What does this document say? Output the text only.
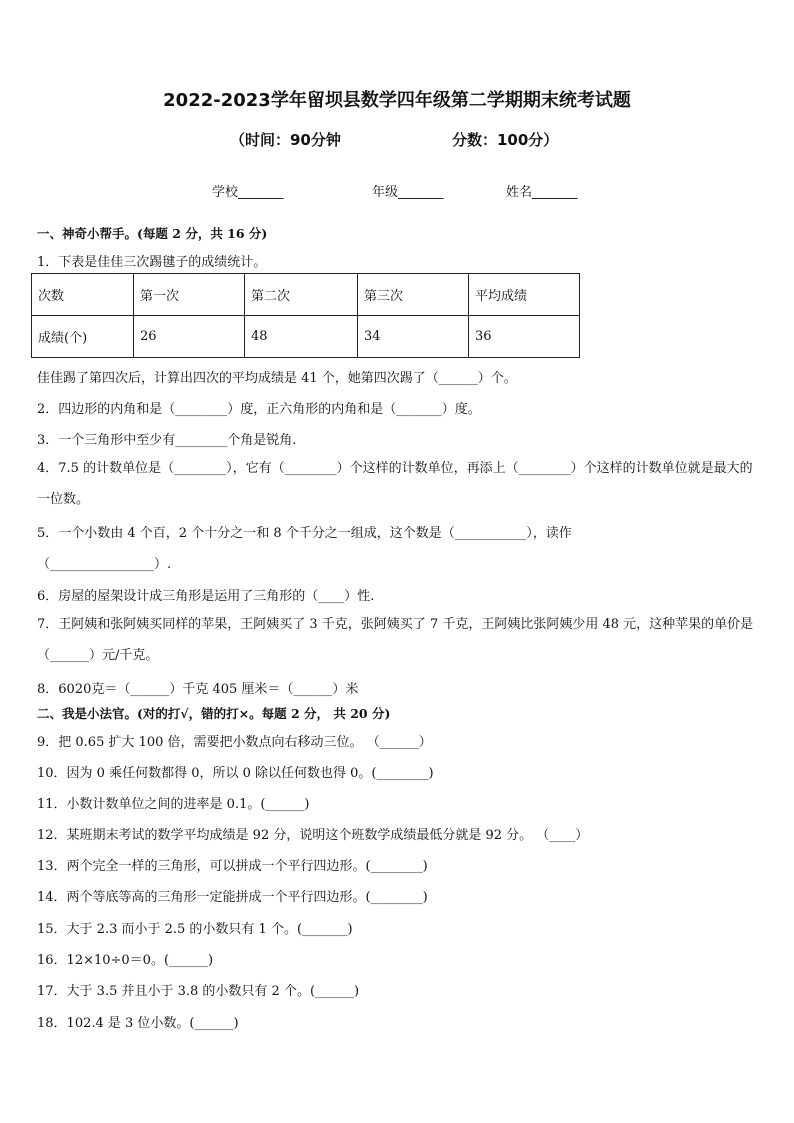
2022-2023学年留坝县数学四年级第二学期期末统考试题
（时间：90分钟	分数：100分）
学校_______	年级_______	姓名_______
一、神奇小帮手。(每题 2 分，共 16 分)
1．下表是佳佳三次踢毽子的成绩统计。
次数	第一次	第二次	第三次	平均成绩
成绩(个)	26	48	34	36
佳佳踢了第四次后，计算出四次的平均成绩是 41 个，她第四次踢了（______）个。
2．四边形的内角和是（________）度，正六角形的内角和是（_______）度。
3．一个三角形中至少有________个角是锐角.
4．7.5 的计数单位是（________），它有（________）个这样的计数单位，再添上（________）个这样的计数单位就是最大的一位数。
5．一个小数由 4 个百，2 个十分之一和 8 个千分之一组成，这个数是（___________），读作
（________________）.
6．房屋的屋架设计成三角形是运用了三角形的（____）性.
7．王阿姨和张阿姨买同样的苹果，王阿姨买了 3 千克，张阿姨买了 7 千克，王阿姨比张阿姨少用 48 元，这种苹果的单价是（______）元/千克。
8．6020克＝（______）千克 405 厘米＝（______）米
二、我是小法官。(对的打√，错的打×。每题 2 分， 共 20 分)
9．把 0.65 扩大 100 倍，需要把小数点向右移动三位。 （______）
10．因为 0 乘任何数都得 0，所以 0 除以任何数也得 0。(________)
11．小数计数单位之间的进率是 0.1。(______)
12．某班期末考试的数学平均成绩是 92 分，说明这个班数学成绩最低分就是 92 分。 （____）
13．两个完全一样的三角形，可以拼成一个平行四边形。(________)
14．两个等底等高的三角形一定能拼成一个平行四边形。(________)
15．大于 2.3 而小于 2.5 的小数只有 1 个。(_______)
16．12×10÷0＝0。(______)
17．大于 3.5 并且小于 3.8 的小数只有 2 个。(______)
18．102.4 是 3 位小数。(______)
